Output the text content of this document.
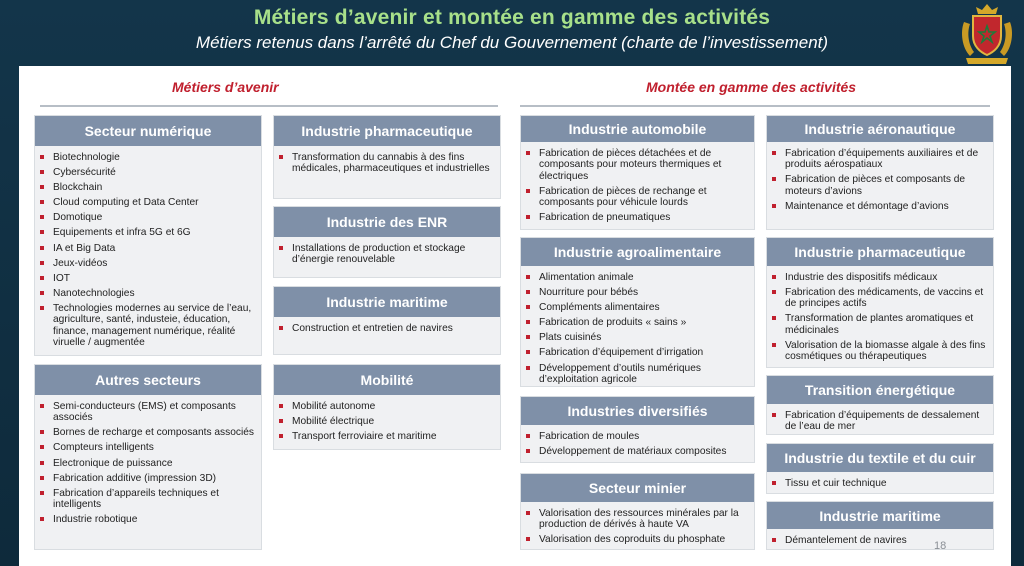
Métiers d’avenir et montée en gamme des activités
Métiers retenus dans l’arrêté du Chef du Gouvernement (charte de l’investissement)
Métiers d’avenir	Montée en gamme des activités
Secteur numérique
Biotechnologie
Cybersécurité
Blockchain
Cloud computing et Data Center
Domotique
Equipements et infra 5G et 6G
IA et Big Data
Jeux-vidéos
IOT
Nanotechnologies
Technologies modernes au service de l’eau, agriculture, santé, industeie, éducation, finance, management numérique, réalité viruelle / augmentée
Autres secteurs
Semi-conducteurs (EMS) et composants associés
Bornes de recharge et composants associés
Compteurs intelligents
Electronique de puissance
Fabrication additive (impression 3D)
Fabrication d’appareils techniques et intelligents
Industrie robotique
Industrie pharmaceutique
Transformation du cannabis à des fins médicales, pharmaceutiques et industrielles
Industrie des ENR
Installations de production et stockage d’énergie renouvelable
Industrie maritime
Construction et entretien de navires
Mobilité
Mobilité autonome
Mobilité électrique
Transport ferroviaire et maritime
Industrie automobile
Fabrication de pièces détachées et de composants pour moteurs thermiques et électriques
Fabrication de pièces de rechange et composants pour véhicule lourds
Fabrication de pneumatiques
Industrie agroalimentaire
Alimentation animale
Nourriture pour bébés
Compléments alimentaires
Fabrication de produits « sains »
Plats cuisinés
Fabrication d’équipement d’irrigation
Développement d’outils numériques d’exploitation agricole
Industries diversifiés
Fabrication de moules
Développement de matériaux composites
Secteur minier
Valorisation des ressources minérales par la production de dérivés à haute VA
Valorisation des coproduits du phosphate
Industrie aéronautique
Fabrication d’équipements auxiliaires et de produits aérospatiaux
Fabrication de pièces et composants de moteurs d’avions
Maintenance et démontage d’avions
Industrie pharmaceutique
Industrie des dispositifs médicaux
Fabrication des médicaments, de vaccins et de principes actifs
Transformation de plantes aromatiques et médicinales
Valorisation de la biomasse algale à des fins cosmétiques ou thérapeutiques
Transition énergétique
Fabrication d’équipements de dessalement de l’eau de mer
Industrie du textile et du cuir
Tissu et cuir technique
Industrie maritime
Démantelement de navires	18
